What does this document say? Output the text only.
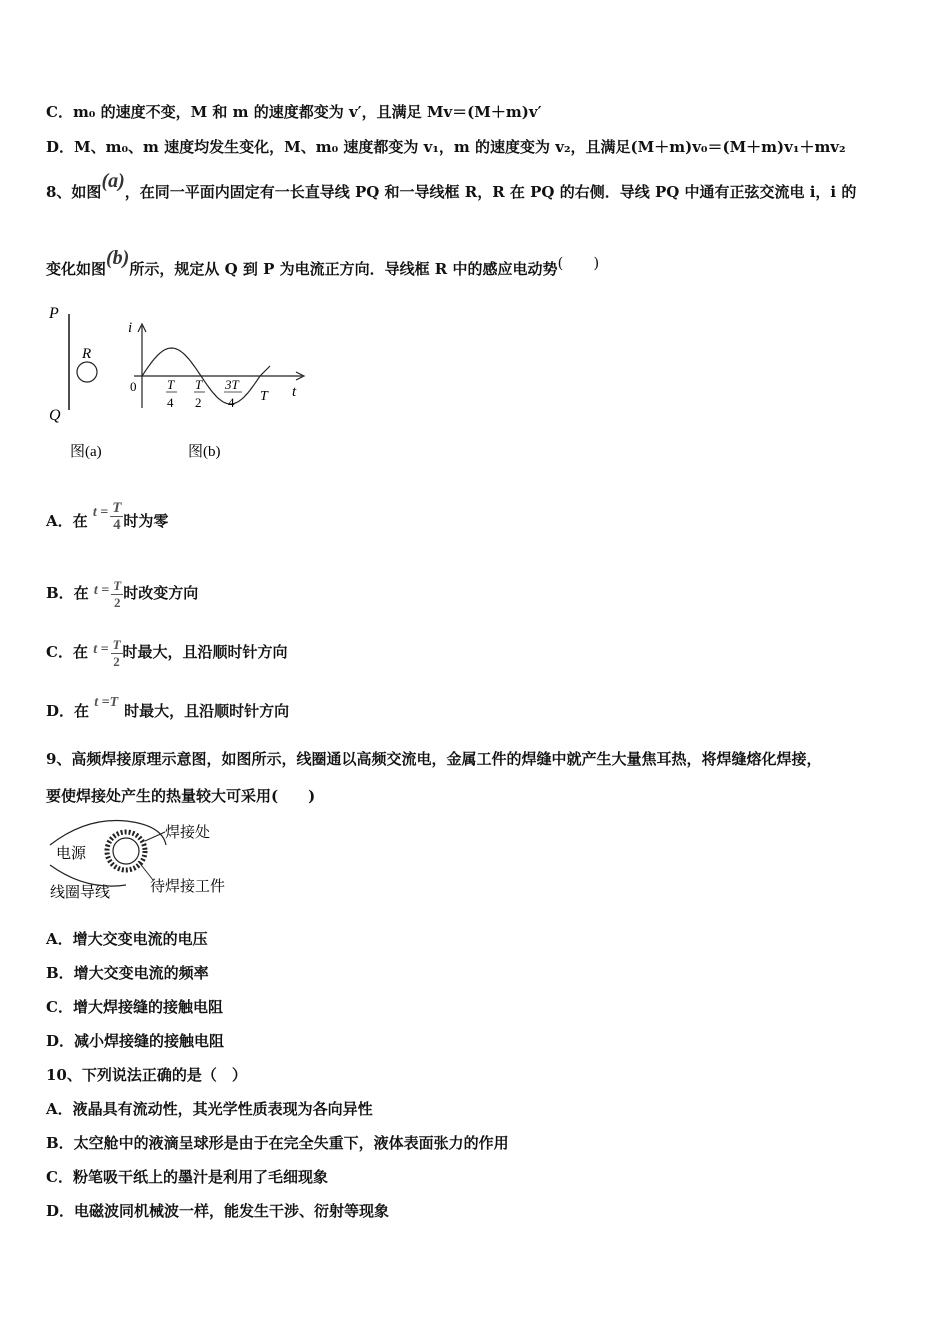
C．m₀ 的速度不变，M 和 m 的速度都变为 v′，且满足 Mv＝(M＋m)v′
D．M、m₀、m 速度均发生变化，M、m₀ 速度都变为 v₁，m 的速度变为 v₂，且满足(M＋m)v₀＝(M＋m)v₁＋mv₂
8、如图(a)，在同一平面内固定有一长直导线 PQ 和一导线框 R，R 在 PQ 的右侧．导线 PQ 中通有正弦交流电 i，i 的
变化如图(b)所示，规定从 Q 到 P 为电流正方向．导线框 R 中的感应电动势(　　)
P
Q
R
图(a)
i
t
0 T
4
T
2
3T
4 T
图(b)
A．在 $t = \frac{T}{4}$ 时为零
B．在 $t = \frac{T}{2}$ 时改变方向
C．在 $t = \frac{T}{2}$ 时最大，且沿顺时针方向
D．在 t =T 时最大，且沿顺时针方向
9、高频焊接原理示意图，如图所示，线圈通以高频交流电，金属工件的焊缝中就产生大量焦耳热，将焊缝熔化焊接，
要使焊接处产生的热量较大可采用(　　)
电源
线圈导线
焊接处
待焊接工件
A．增大交变电流的电压
B．增大交变电流的频率
C．增大焊接缝的接触电阻
D．减小焊接缝的接触电阻
10、下列说法正确的是（　）
A．液晶具有流动性，其光学性质表现为各向异性
B．太空舱中的液滴呈球形是由于在完全失重下，液体表面张力的作用
C．粉笔吸干纸上的墨汁是利用了毛细现象
D．电磁波同机械波一样，能发生干涉、衍射等现象
